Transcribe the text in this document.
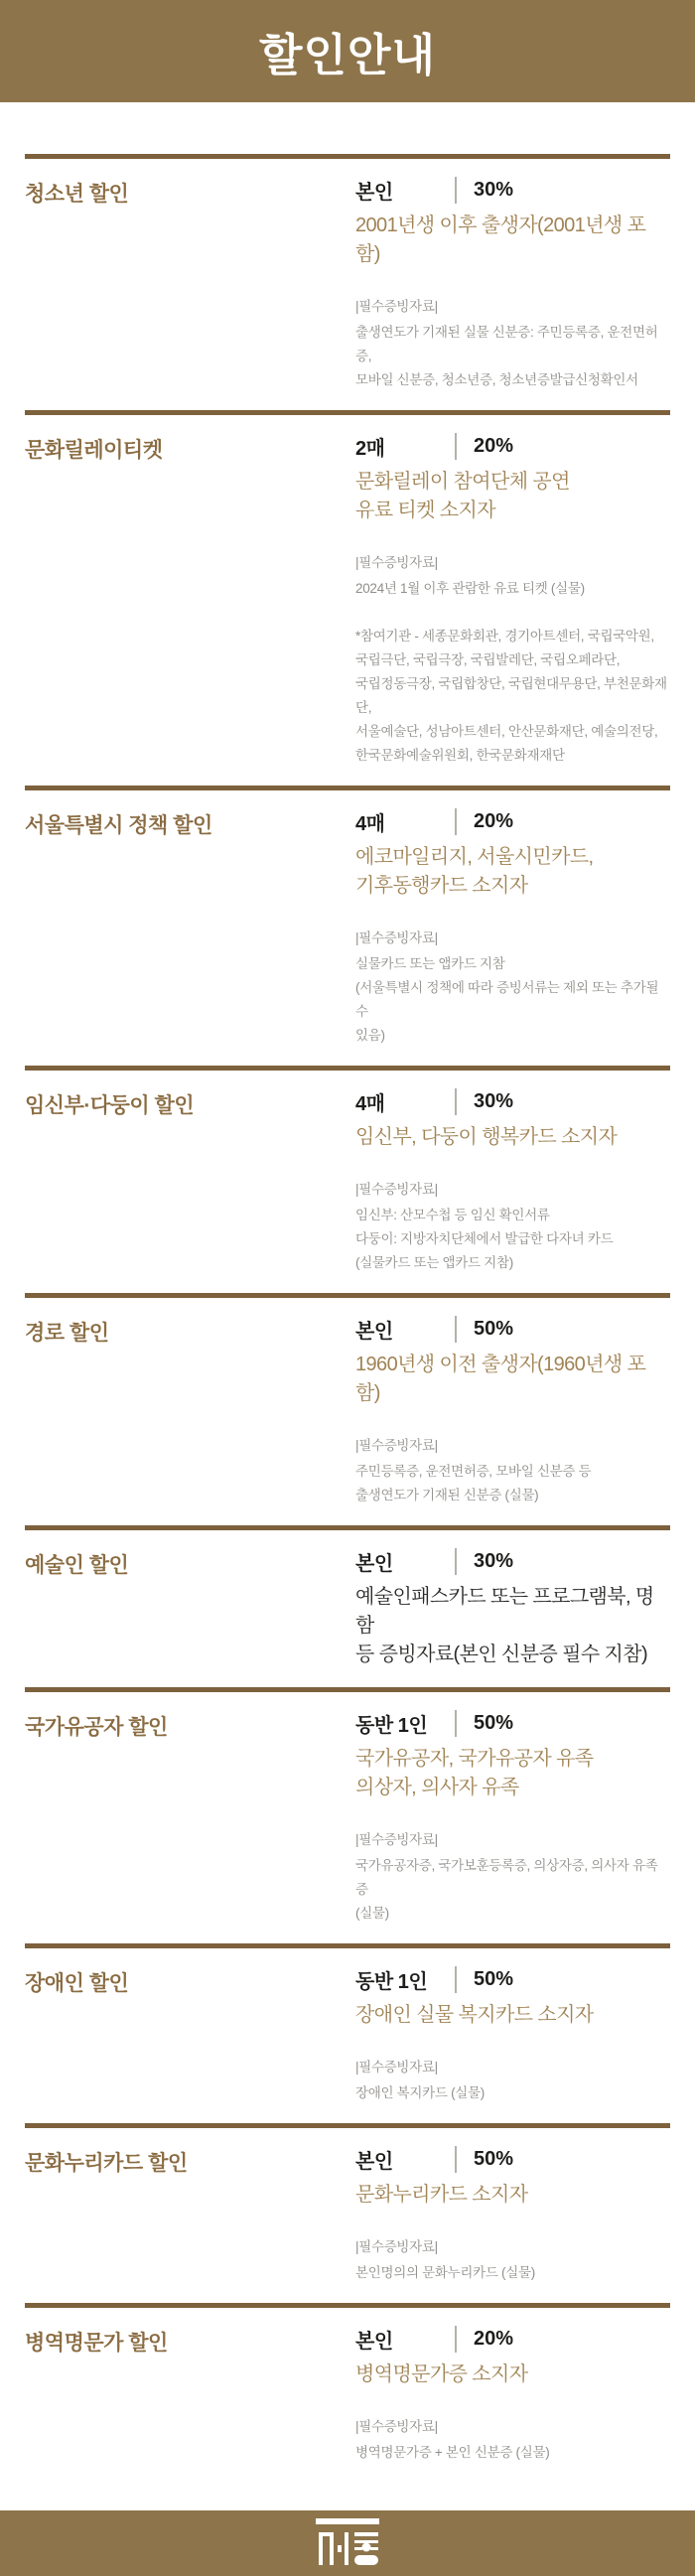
할인안내
청소년 할인	본인	30%
2001년생 이후 출생자(2001년생 포함)
|필수증빙자료|
출생연도가 기재된 실물 신분증: 주민등록증, 운전면허증,
모바일 신분증, 청소년증, 청소년증발급신청확인서
문화릴레이티켓	2매	20%
문화릴레이 참여단체 공연
유료 티켓 소지자
|필수증빙자료|
2024년 1월 이후 관람한 유료 티켓 (실물)
*참여기관 - 세종문화회관, 경기아트센터, 국립국악원,
국립극단, 국립극장, 국립발레단, 국립오페라단,
국립정동극장, 국립합창단, 국립현대무용단, 부천문화재단,
서울예술단, 성남아트센터, 안산문화재단, 예술의전당,
한국문화예술위원회, 한국문화재재단
서울특별시 정책 할인	4매	20%
에코마일리지, 서울시민카드,
기후동행카드 소지자
|필수증빙자료|
실물카드 또는 앱카드 지참
(서울특별시 정책에 따라 증빙서류는 제외 또는 추가될 수
있음)
임신부·다둥이 할인	4매	30%
임신부, 다둥이 행복카드 소지자
|필수증빙자료|
임신부: 산모수첩 등 임신 확인서류
다둥이: 지방자치단체에서 발급한 다자녀 카드
(실물카드 또는 앱카드 지참)
경로 할인	본인	50%
1960년생 이전 출생자(1960년생 포함)
|필수증빙자료|
주민등록증, 운전면허증, 모바일 신분증 등
출생연도가 기재된 신분증 (실물)
예술인 할인	본인	30%
예술인패스카드 또는 프로그램북, 명함
등 증빙자료(본인 신분증 필수 지참)
국가유공자 할인	동반 1인	50%
국가유공자, 국가유공자 유족
의상자, 의사자 유족
|필수증빙자료|
국가유공자증, 국가보훈등록증, 의상자증, 의사자 유족증
(실물)
장애인 할인	동반 1인	50%
장애인 실물 복지카드 소지자
|필수증빙자료|
장애인 복지카드 (실물)
문화누리카드 할인	본인	50%
문화누리카드 소지자
|필수증빙자료|
본인명의의 문화누리카드 (실물)
병역명문가 할인	본인	20%
병역명문가증 소지자
|필수증빙자료|
병역명문가증 + 본인 신분증 (실물)
